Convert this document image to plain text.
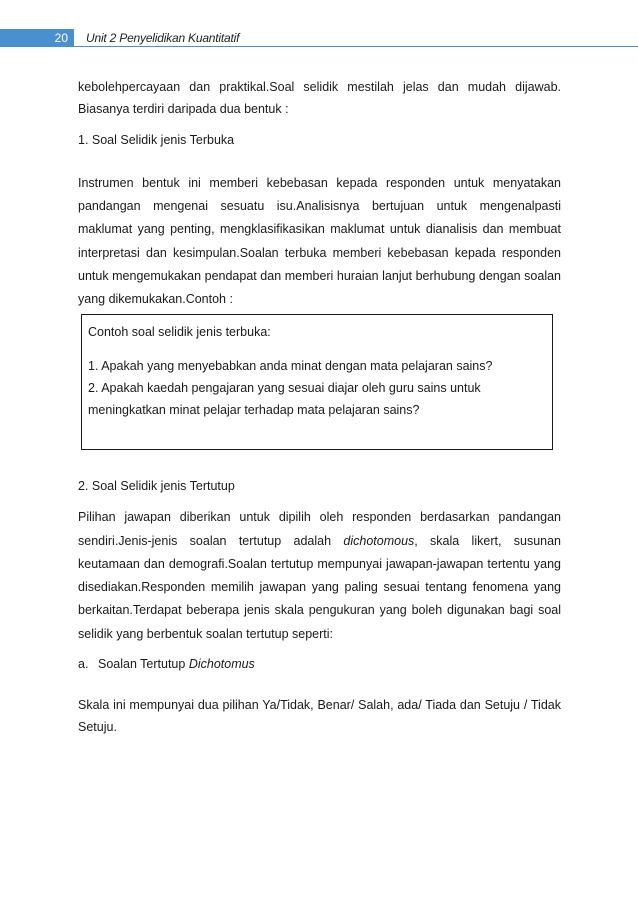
20	Unit 2 Penyelidikan Kuantitatif

kebolehpercayaan dan praktikal.Soal selidik mestilah jelas dan mudah dijawab. Biasanya terdiri daripada dua bentuk :

1. Soal Selidik jenis Terbuka

Instrumen bentuk ini memberi kebebasan kepada responden untuk menyatakan pandangan mengenai sesuatu isu.Analisisnya bertujuan untuk mengenalpasti maklumat yang penting, mengklasifikasikan maklumat untuk dianalisis dan membuat interpretasi dan kesimpulan.Soalan terbuka memberi kebebasan kepada responden untuk mengemukakan pendapat dan memberi huraian lanjut berhubung dengan soalan yang dikemukakan.Contoh :

Contoh soal selidik jenis terbuka:

1. Apakah yang menyebabkan anda minat dengan mata pelajaran sains?

2. Apakah kaedah pengajaran yang sesuai diajar oleh guru sains untuk

meningkatkan minat pelajar terhadap mata pelajaran sains?

2. Soal Selidik jenis Tertutup

Pilihan jawapan diberikan untuk dipilih oleh responden berdasarkan pandangan sendiri.Jenis-jenis soalan tertutup adalah dichotomous, skala likert, susunan keutamaan dan demografi.Soalan tertutup mempunyai jawapan-jawapan tertentu yang disediakan.Responden memilih jawapan yang paling sesuai tentang fenomena yang berkaitan.Terdapat beberapa jenis skala pengukuran yang boleh digunakan bagi soal selidik yang berbentuk soalan tertutup seperti:

a. Soalan Tertutup Dichotomus

Skala ini mempunyai dua pilihan Ya/Tidak, Benar/ Salah, ada/ Tiada dan Setuju / Tidak Setuju.
